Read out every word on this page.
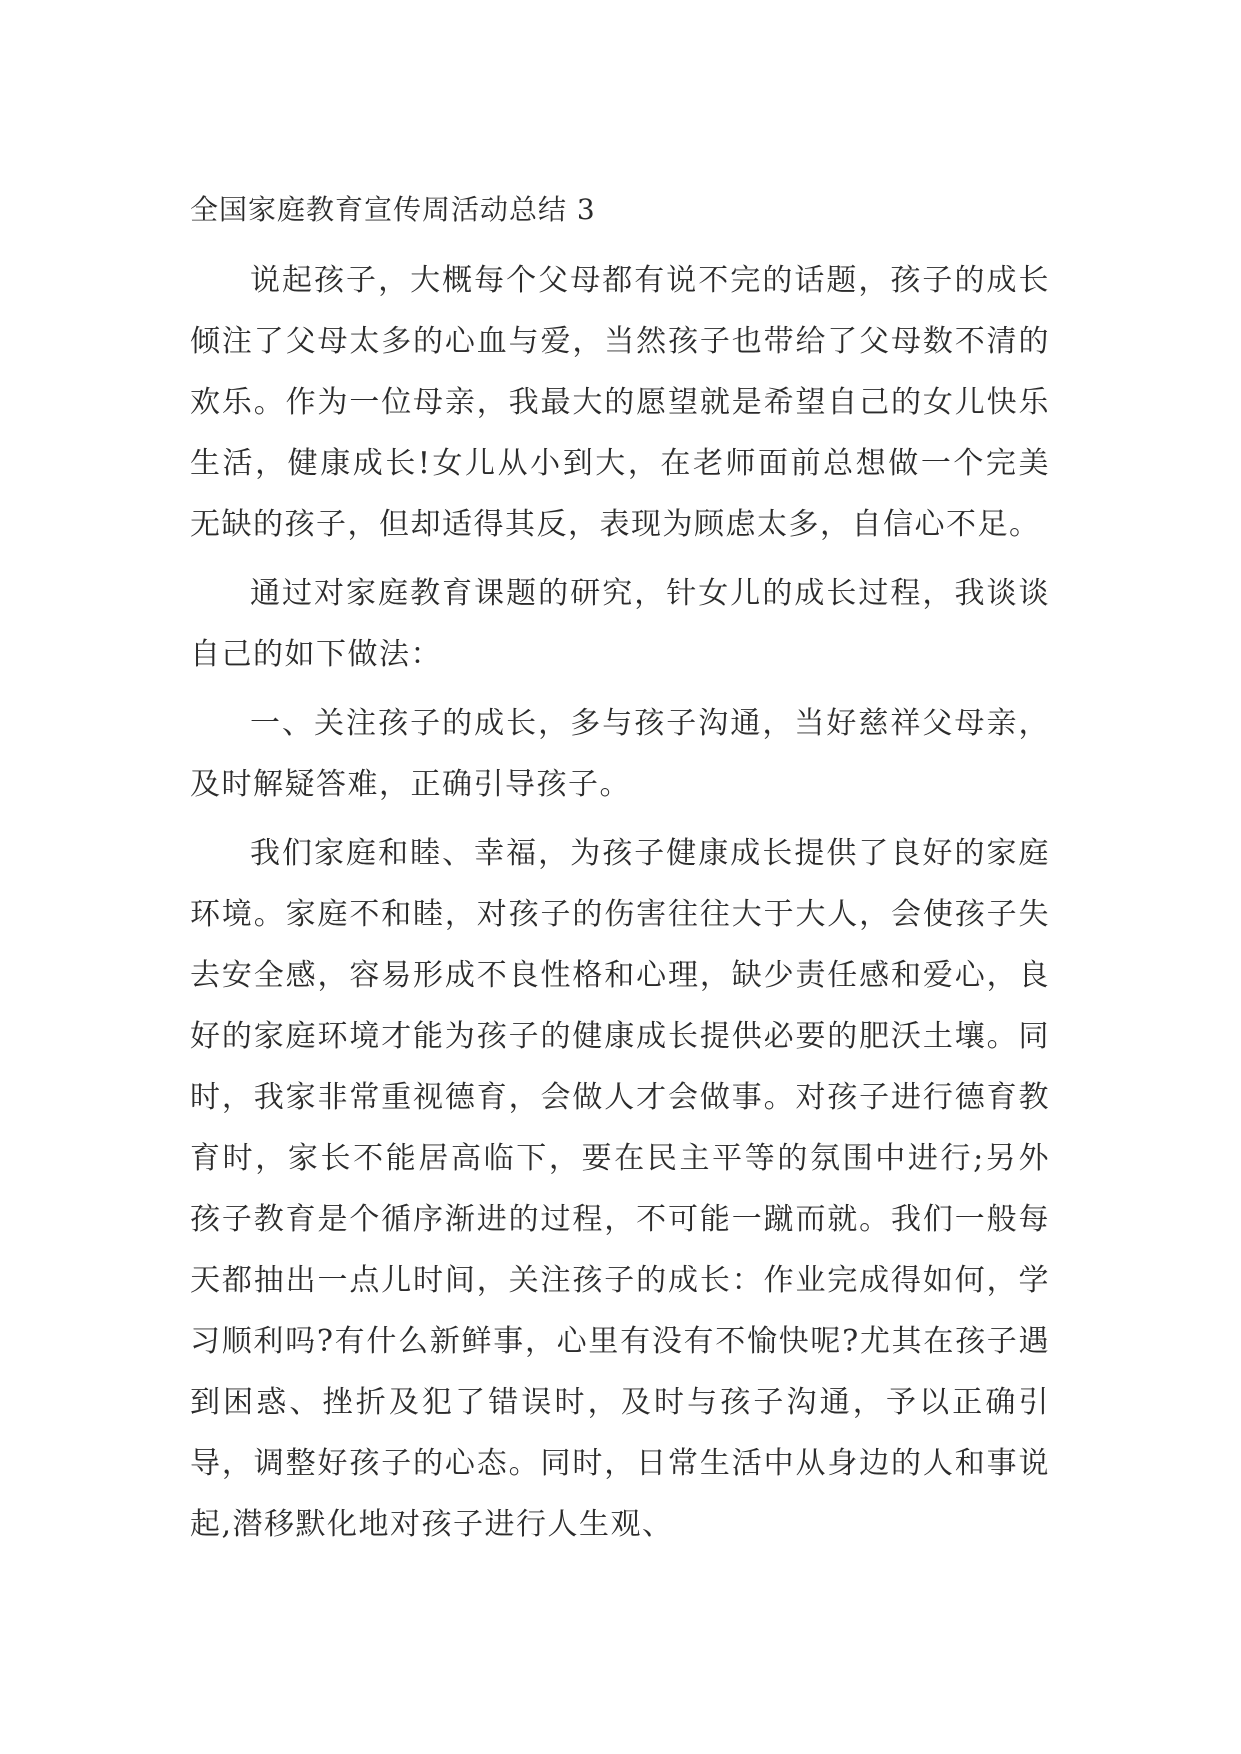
全国家庭教育宣传周活动总结 3

说起孩子，大概每个父母都有说不完的话题，孩子的成长倾注了父母太多的心血与爱，当然孩子也带给了父母数不清的欢乐。作为一位母亲，我最大的愿望就是希望自己的女儿快乐生活，健康成长!女儿从小到大，在老师面前总想做一个完美无缺的孩子，但却适得其反，表现为顾虑太多，自信心不足。

通过对家庭教育课题的研究，针女儿的成长过程，我谈谈自己的如下做法：

一、关注孩子的成长，多与孩子沟通，当好慈祥父母亲，及时解疑答难，正确引导孩子。

我们家庭和睦、幸福，为孩子健康成长提供了良好的家庭环境。家庭不和睦，对孩子的伤害往往大于大人，会使孩子失去安全感，容易形成不良性格和心理，缺少责任感和爱心，良好的家庭环境才能为孩子的健康成长提供必要的肥沃土壤。同时，我家非常重视德育，会做人才会做事。对孩子进行德育教育时，家长不能居高临下，要在民主平等的氛围中进行;另外孩子教育是个循序渐进的过程，不可能一蹴而就。我们一般每天都抽出一点儿时间，关注孩子的成长：作业完成得如何，学习顺利吗?有什么新鲜事，心里有没有不愉快呢?尤其在孩子遇到困惑、挫折及犯了错误时，及时与孩子沟通，予以正确引导，调整好孩子的心态。同时，日常生活中从身边的人和事说起,潜移默化地对孩子进行人生观、
